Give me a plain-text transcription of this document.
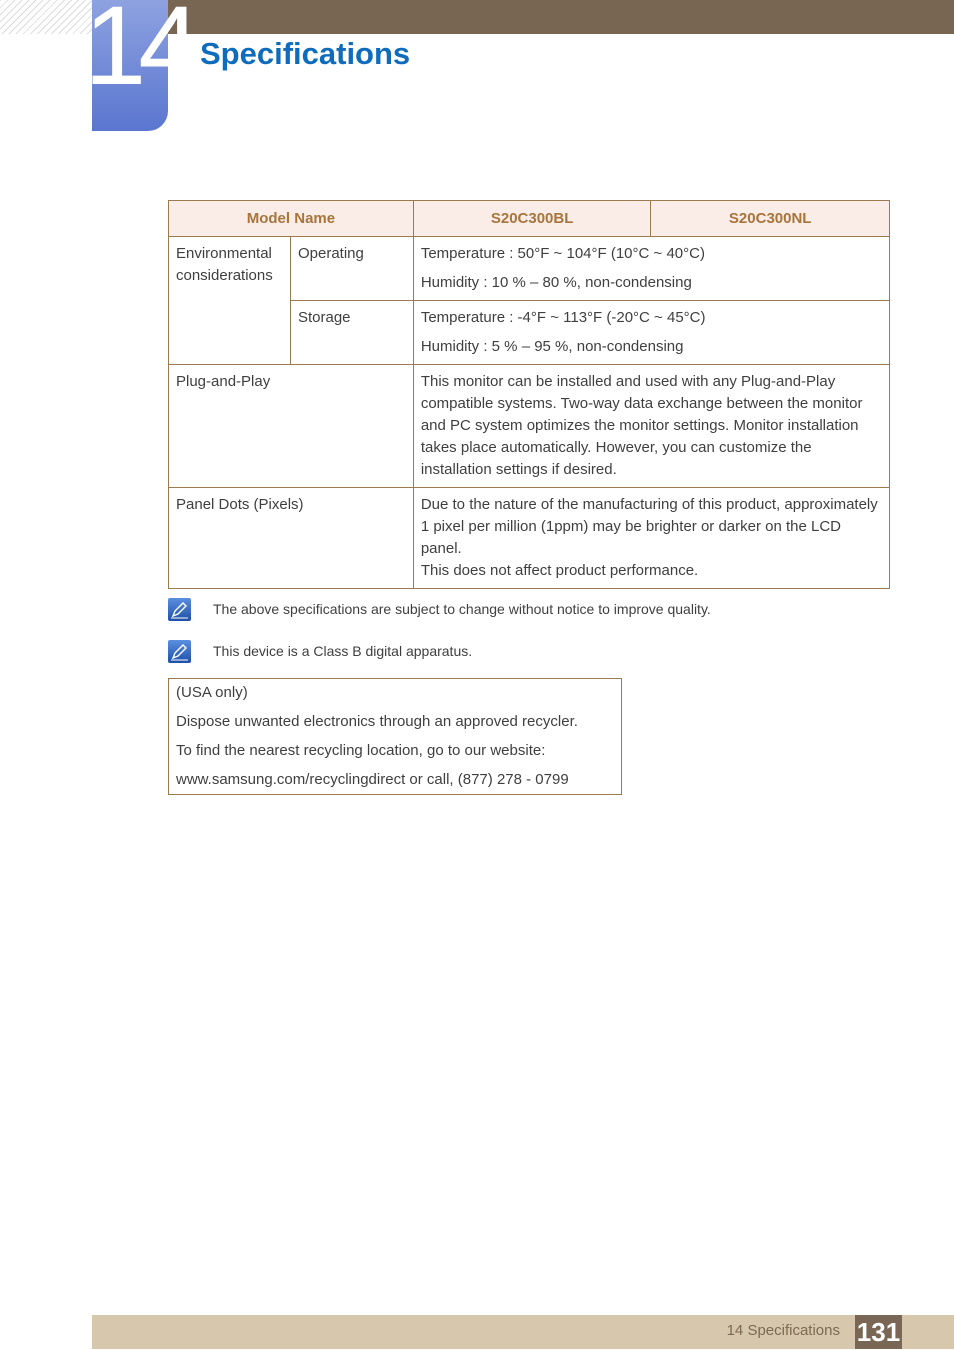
14 Specifications
Model Name		S20C300BL	S20C300NL
Environmental considerations	Operating	Temperature : 50°F ~ 104°F (10°C ~ 40°C)
Humidity : 10 % – 80 %, non-condensing	

	Storage	Temperature : -4°F ~ 113°F (-20°C ~ 45°C)
Humidity : 5 % – 95 %, non-condensing	

Plug-and-Play		This monitor can be installed and used with any Plug-and-Play compatible systems. Two-way data exchange between the monitor and PC system optimizes the monitor settings. Monitor installation takes place automatically. However, you can customize the installation settings if desired.	
Panel Dots (Pixels)		Due to the nature of the manufacturing of this product, approximately 1 pixel per million (1ppm) may be brighter or darker on the LCD panel.
This does not affect product performance.	
The above specifications are subject to change without notice to improve quality.
This device is a Class B digital apparatus.
(USA only)
Dispose unwanted electronics through an approved recycler.
To find the nearest recycling location, go to our website:
www.samsung.com/recyclingdirect or call, (877) 278 - 0799
14 Specifications 131
